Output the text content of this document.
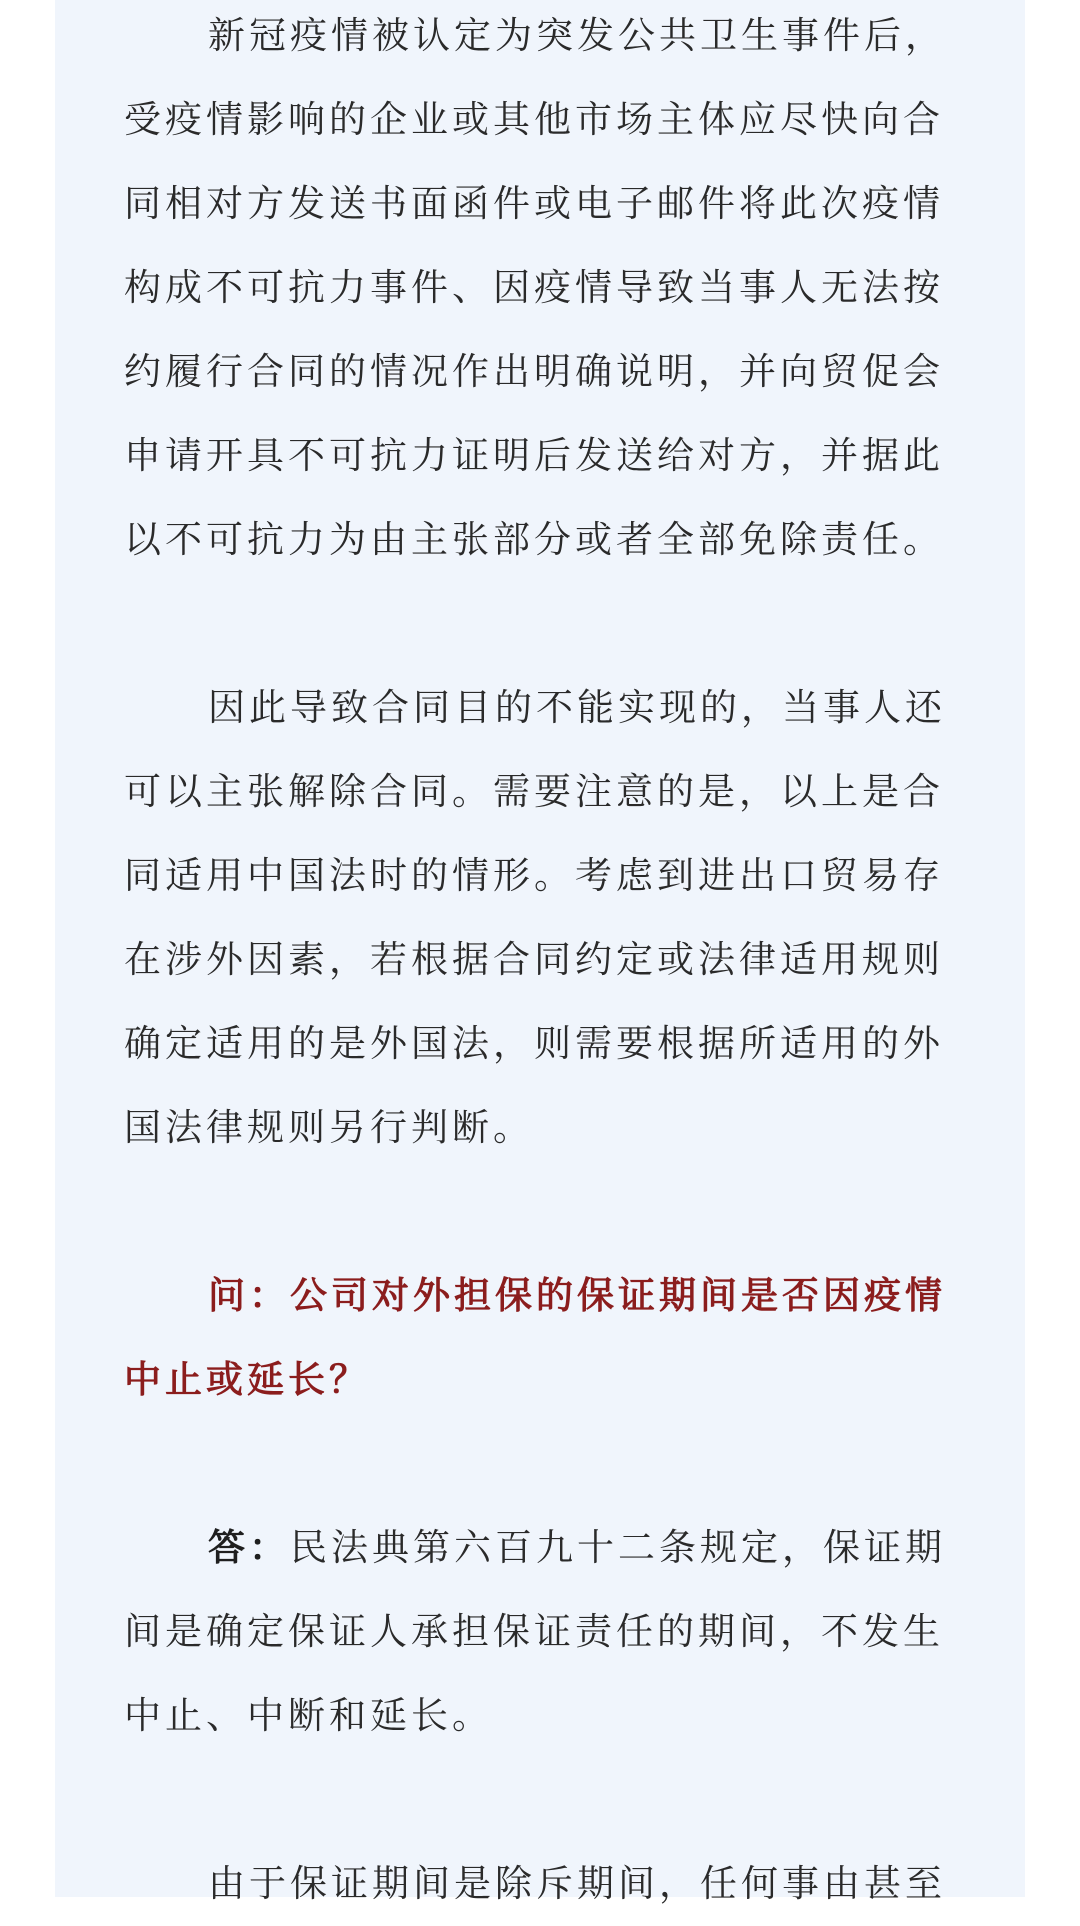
新冠疫情被认定为突发公共卫生事件后，受疫情影响的企业或其他市场主体应尽快向合同相对方发送书面函件或电子邮件将此次疫情构成不可抗力事件、因疫情导致当事人无法按约履行合同的情况作出明确说明，并向贸促会申请开具不可抗力证明后发送给对方，并据此以不可抗力为由主张部分或者全部免除责任。

因此导致合同目的不能实现的，当事人还可以主张解除合同。需要注意的是，以上是合同适用中国法时的情形。考虑到进出口贸易存在涉外因素，若根据合同约定或法律适用规则确定适用的是外国法，则需要根据所适用的外国法律规则另行判断。

问：公司对外担保的保证期间是否因疫情中止或延长？

答：民法典第六百九十二条规定，保证期间是确定保证人承担保证责任的期间，不发生中止、中断和延长。

由于保证期间是除斥期间，任何事由甚至
